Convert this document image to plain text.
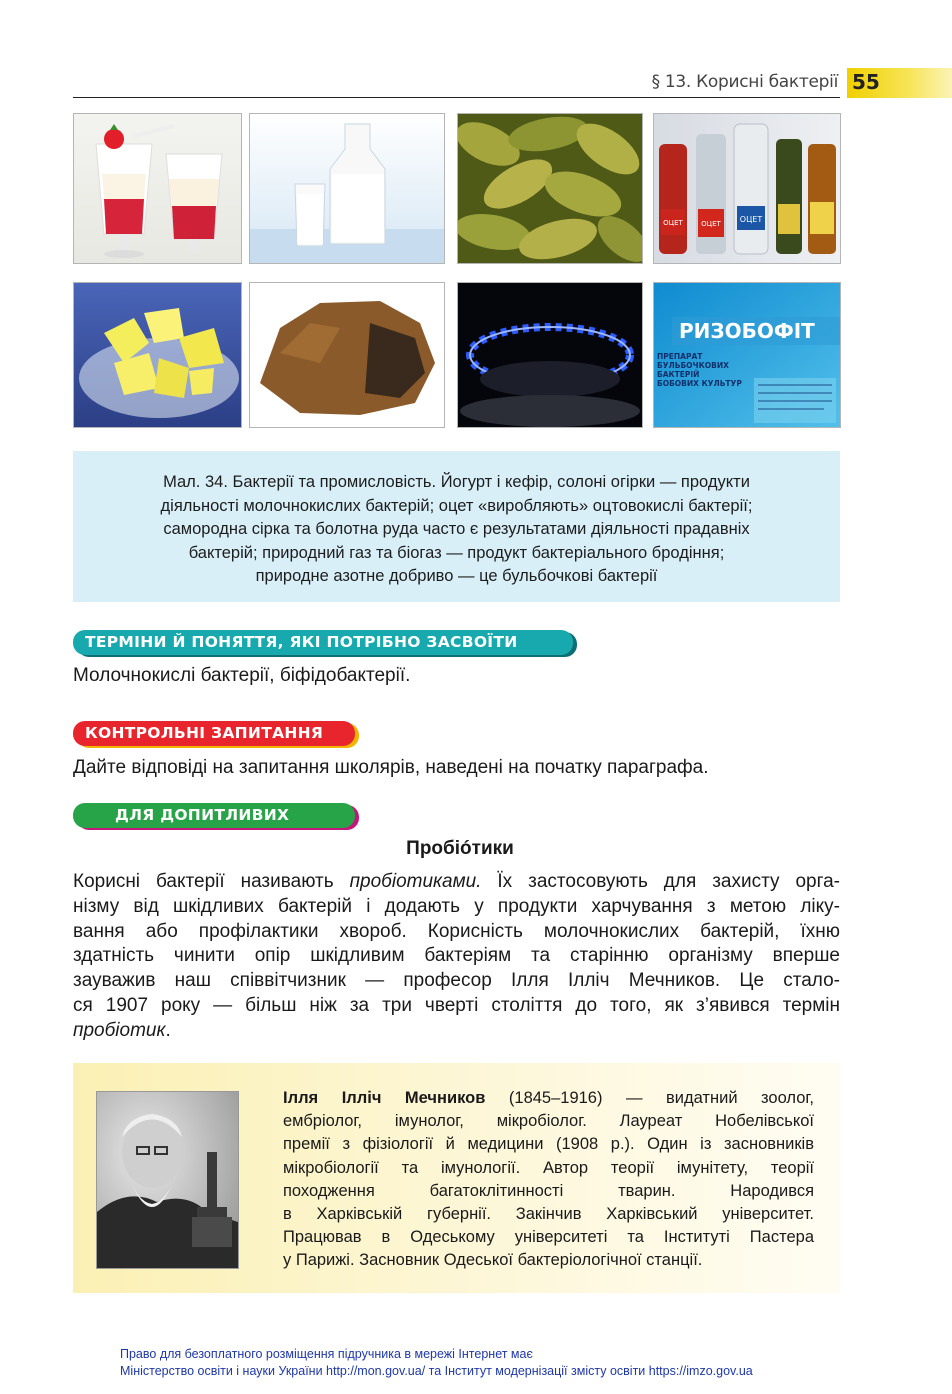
§ 13. Корисні бактерії 55
ОЦЕТ	ОЦЕТ ОЦЕТ
РИЗОБОФІТ
ПРЕПАРАТ
БУЛЬБОЧКОВИХ
БАКТЕРІЙ
БОБОВИХ КУЛЬТУР
Мал. 34. Бактерії та промисловість. Йогурт і кефір, солоні огірки — продукти
діяльності молочнокислих бактерій; оцет «виробляють» оцтовокислі бактерії;
самородна сірка та болотна руда часто є результатами діяльності прадавніх
бактерій; природний газ та біогаз — продукт бактеріального бродіння;
природне азотне добриво — це бульбочкові бактерії
ТЕРМІНИ Й ПОНЯТТЯ, ЯКІ ПОТРІБНО ЗАСВОЇТИ
Молочнокислі бактерії, біфідобактерії.
КОНТРОЛЬНІ ЗАПИТАННЯ
Дайте відповіді на запитання школярів, наведені на початку параграфа.
ДЛЯ ДОПИТЛИВИХ
Пробióтики
Корисні бактерії називають пробіотиками. Їх застосовують для захисту орга-
нізму від шкідливих бактерій і додають у продукти харчування з метою ліку-
вання або профілактики хвороб. Корисність молочнокислих бактерій, їхню
здатність чинити опір шкідливим бактеріям та старінню організму вперше
зауважив наш співвітчизник — професор Ілля Ілліч Мечников. Це стало-
ся 1907 року — більш ніж за три чверті століття до того, як з’явився термін
пробіотик.
Ілля Ілліч Мечников (1845–1916) — видатний зоолог,
ембріолог, імунолог, мікробіолог. Лауреат Нобелівської
премії з фізіології й медицини (1908 р.). Один із засновників
мікробіології та імунології. Автор теорії імунітету, теорії
походження багатоклітинності тварин. Народився
в Харківській губернії. Закінчив Харківський університет.
Працював в Одеському університеті та Інституті Пастера
у Парижі. Засновник Одеської бактеріологічної станції.
Право для безоплатного розміщення підручника в мережі Інтернет має
Міністерство освіти і науки України http://mon.gov.ua/ та Інститут модернізації змісту освіти https://imzo.gov.ua
